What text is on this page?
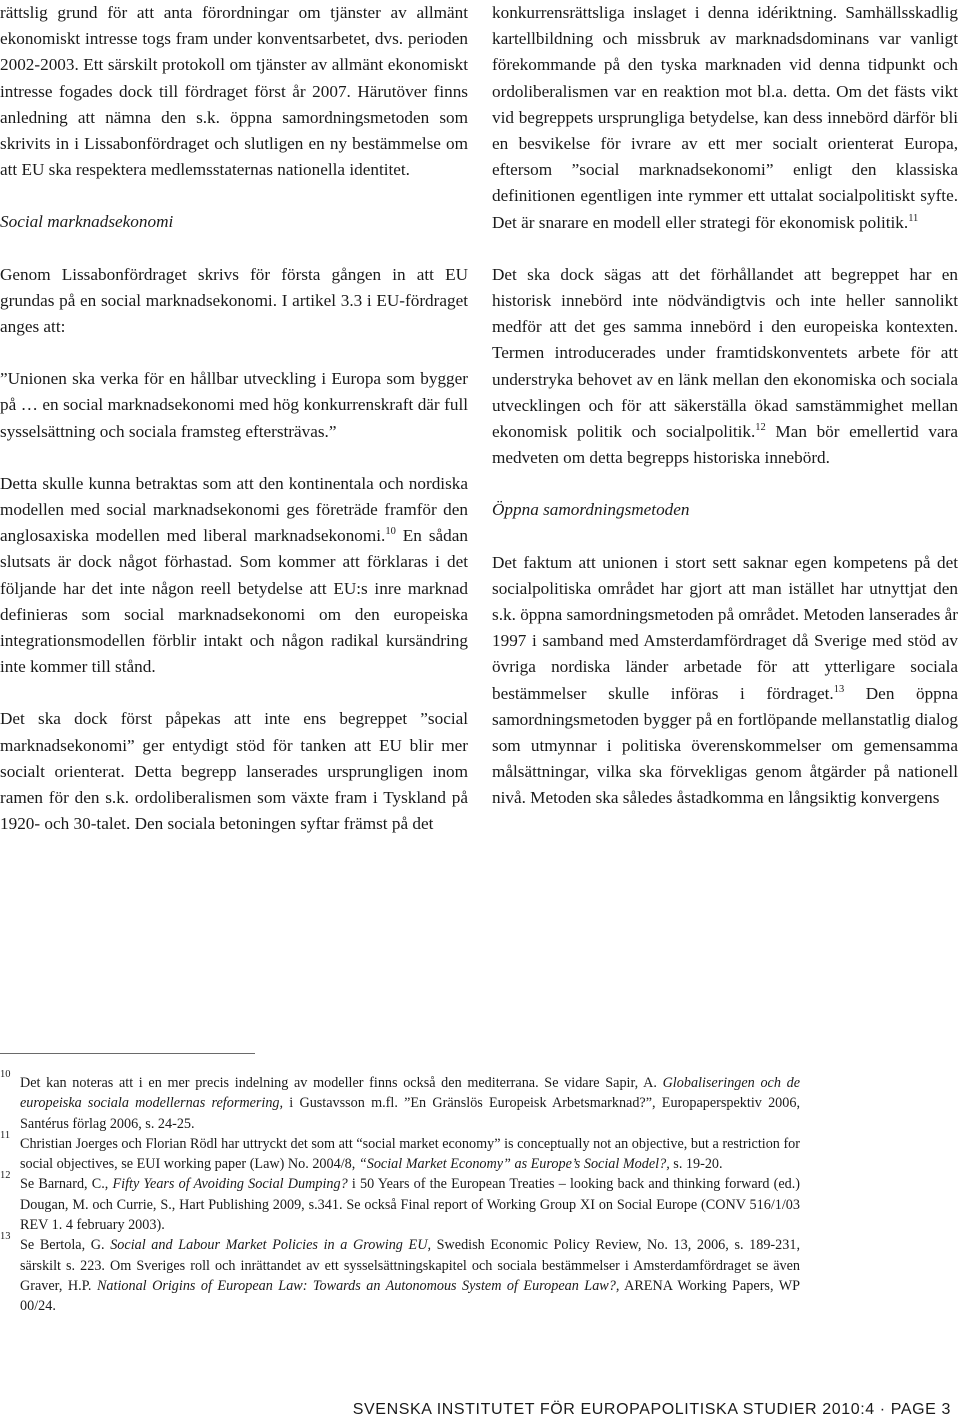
rättslig grund för att anta förordningar om tjänster av allmänt ekonomiskt intresse togs fram under konventsarbetet, dvs. perioden 2002-2003. Ett särskilt protokoll om tjänster av allmänt ekonomiskt intresse fogades dock till fördraget först år 2007. Härutöver finns anledning att nämna den s.k. öppna samordningsmetoden som skrivits in i Lissabonfördraget och slutligen en ny bestämmelse om att EU ska respektera medlemsstaternas nationella identitet.

Social marknadsekonomi

Genom Lissabonfördraget skrivs för första gången in att EU grundas på en social marknadsekonomi. I artikel 3.3 i EU-fördraget anges att:

”Unionen ska verka för en hållbar utveckling i Europa som bygger på … en social marknadsekonomi med hög konkurrenskraft där full sysselsättning och sociala framsteg eftersträvas.”

Detta skulle kunna betraktas som att den kontinentala och nordiska modellen med social marknadsekonomi ges företräde framför den anglosaxiska modellen med liberal marknadsekonomi.$^{10}$ En sådan slutsats är dock något förhastad. Som kommer att förklaras i det följande har det inte någon reell betydelse att EU:s inre marknad definieras som social marknadsekonomi om den europeiska integrationsmodellen förblir intakt och någon radikal kursändring inte kommer till stånd.

Det ska dock först påpekas att inte ens begreppet ”social marknadsekonomi” ger entydigt stöd för tanken att EU blir mer socialt orienterat. Detta begrepp lanserades ursprungligen inom ramen för den s.k. ordoliberalismen som växte fram i Tyskland på 1920- och 30-talet. Den sociala betoningen syftar främst på det

konkurrensrättsliga inslaget i denna idériktning. Samhällsskadlig kartellbildning och missbruk av marknadsdominans var vanligt förekommande på den tyska marknaden vid denna tidpunkt och ordoliberalismen var en reaktion mot bl.a. detta. Om det fästs vikt vid begreppets ursprungliga betydelse, kan dess innebörd därför bli en besvikelse för ivrare av ett mer socialt orienterat Europa, eftersom ”social marknadsekonomi” enligt den klassiska definitionen egentligen inte rymmer ett uttalat socialpolitiskt syfte. Det är snarare en modell eller strategi för ekonomisk politik.$^{11}$

Det ska dock sägas att det förhållandet att begreppet har en historisk innebörd inte nödvändigtvis och inte heller sannolikt medför att det ges samma innebörd i den europeiska kontexten. Termen introducerades under framtidskonventets arbete för att understryka behovet av en länk mellan den ekonomiska och sociala utvecklingen och för att säkerställa ökad samstämmighet mellan ekonomisk politik och socialpolitik.$^{12}$ Man bör emellertid vara medveten om detta begrepps historiska innebörd.

Öppna samordningsmetoden

Det faktum att unionen i stort sett saknar egen kompetens på det socialpolitiska området har gjort att man istället har utnyttjat den s.k. öppna samordningsmetoden på området. Metoden lanserades år 1997 i samband med Amsterdamfördraget då Sverige med stöd av övriga nordiska länder arbetade för att ytterligare sociala bestämmelser skulle införas i fördraget.$^{13}$ Den öppna samordningsmetoden bygger på en fortlöpande mellanstatlig dialog som utmynnar i politiska överenskommelser om gemensamma målsättningar, vilka ska förvekligas genom åtgärder på nationell nivå. Metoden ska således åstadkomma en långsiktig konvergens

10
Det kan noteras att i en mer precis indelning av modeller finns också den mediterrana. Se vidare Sapir, A. Globaliseringen och de europeiska sociala modellernas reformering, i Gustavsson m.fl. ”En Gränslös Europeisk Arbetsmarknad?”, Europaperspektiv 2006, Santérus förlag 2006, s. 24-25.
11
Christian Joerges och Florian Rödl har uttryckt det som att “social market economy” is conceptually not an objective, but a restriction for social objectives, se EUI working paper (Law) No. 2004/8, “Social Market Economy” as Europe’s Social Model?, s. 19-20.
12
Se Barnard, C., Fifty Years of Avoiding Social Dumping? i 50 Years of the European Treaties – looking back and thinking forward (ed.) Dougan, M. och Currie, S., Hart Publishing 2009, s.341. Se också Final report of Working Group XI on Social Europe (CONV 516/1/03 REV 1. 4 february 2003).
13
Se Bertola, G. Social and Labour Market Policies in a Growing EU, Swedish Economic Policy Review, No. 13, 2006, s. 189-231, särskilt s. 223. Om Sveriges roll och inrättandet av ett sysselsättningskapitel och sociala bestämmelser i Amsterdamfördraget se även Graver, H.P. National Origins of European Law: Towards an Autonomous System of European Law?, ARENA Working Papers, WP 00/24.
SVENSKA INSTITUTET FÖR EUROPAPOLITISKA STUDIER 2010:4 · PAGE 3
